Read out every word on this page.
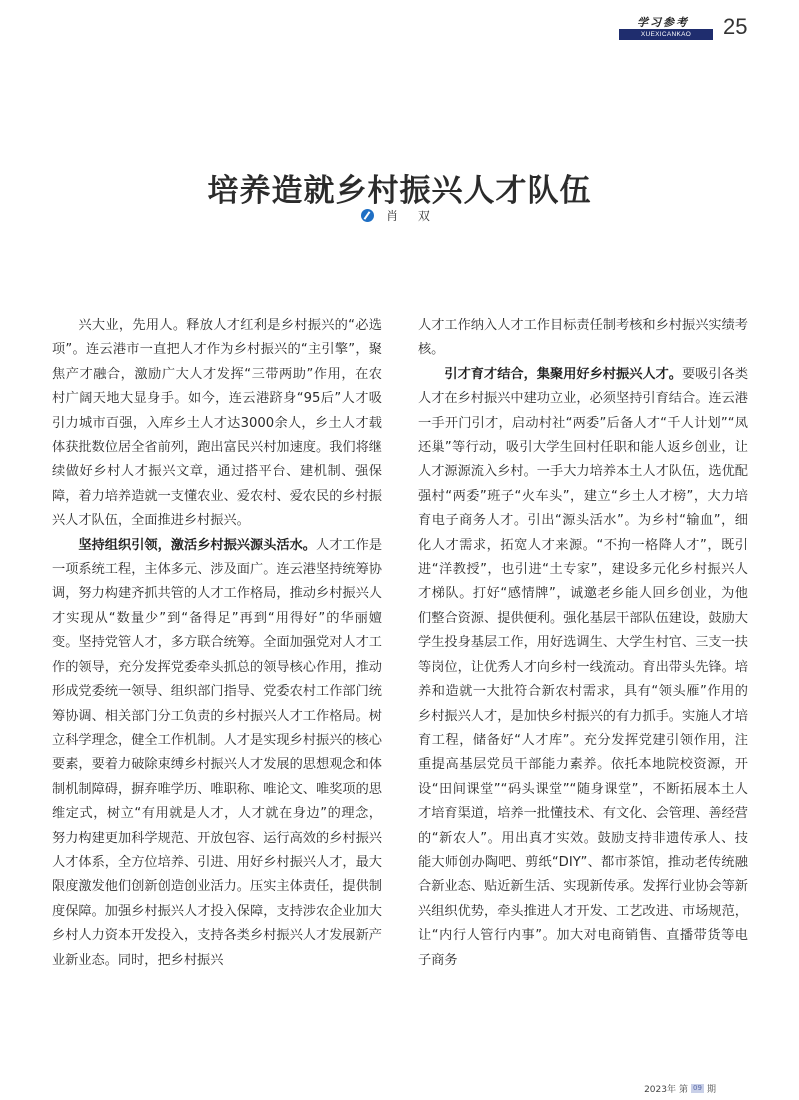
学习参考
XUEXICANKAO	25
培养造就乡村振兴人才队伍
肖 双

兴大业，先用人。释放人才红利是乡村振兴的“必选项”。连云港市一直把人才作为乡村振兴的“主引擎”，聚焦产才融合，激励广大人才发挥“三带两助”作用，在农村广阔天地大显身手。如今，连云港跻身“95后”人才吸引力城市百强，入库乡土人才达3000余人，乡土人才载体获批数位居全省前列，跑出富民兴村加速度。我们将继续做好乡村人才振兴文章，通过搭平台、建机制、强保障，着力培养造就一支懂农业、爱农村、爱农民的乡村振兴人才队伍，全面推进乡村振兴。

坚持组织引领，激活乡村振兴源头活水。人才工作是一项系统工程，主体多元、涉及面广。连云港坚持统筹协调，努力构建齐抓共管的人才工作格局，推动乡村振兴人才实现从“数量少”到“备得足”再到“用得好”的华丽嬗变。坚持党管人才，多方联合统筹。全面加强党对人才工作的领导，充分发挥党委牵头抓总的领导核心作用，推动形成党委统一领导、组织部门指导、党委农村工作部门统筹协调、相关部门分工负责的乡村振兴人才工作格局。树立科学理念，健全工作机制。人才是实现乡村振兴的核心要素，要着力破除束缚乡村振兴人才发展的思想观念和体制机制障碍，摒弃唯学历、唯职称、唯论文、唯奖项的思维定式，树立“有用就是人才，人才就在身边”的理念，努力构建更加科学规范、开放包容、运行高效的乡村振兴人才体系，全方位培养、引进、用好乡村振兴人才，最大限度激发他们创新创造创业活力。压实主体责任，提供制度保障。加强乡村振兴人才投入保障，支持涉农企业加大乡村人力资本开发投入，支持各类乡村振兴人才发展新产业新业态。同时，把乡村振兴

人才工作纳入人才工作目标责任制考核和乡村振兴实绩考核。

引才育才结合，集聚用好乡村振兴人才。要吸引各类人才在乡村振兴中建功立业，必须坚持引育结合。连云港一手开门引才，启动村社“两委”后备人才“千人计划”“凤还巢”等行动，吸引大学生回村任职和能人返乡创业，让人才源源流入乡村。一手大力培养本土人才队伍，选优配强村“两委”班子“火车头”，建立“乡土人才榜”，大力培育电子商务人才。引出“源头活水”。为乡村“输血”，细化人才需求，拓宽人才来源。“不拘一格降人才”，既引进“洋教授”，也引进“土专家”，建设多元化乡村振兴人才梯队。打好“感情牌”，诚邀老乡能人回乡创业，为他们整合资源、提供便利。强化基层干部队伍建设，鼓励大学生投身基层工作，用好选调生、大学生村官、三支一扶等岗位，让优秀人才向乡村一线流动。育出带头先锋。培养和造就一大批符合新农村需求，具有“领头雁”作用的乡村振兴人才，是加快乡村振兴的有力抓手。实施人才培育工程，储备好“人才库”。充分发挥党建引领作用，注重提高基层党员干部能力素养。依托本地院校资源，开设“田间课堂”“码头课堂”“随身课堂”，不断拓展本土人才培育渠道，培养一批懂技术、有文化、会管理、善经营的“新农人”。用出真才实效。鼓励支持非遗传承人、技能大师创办陶吧、剪纸“DIY”、都市茶馆，推动老传统融合新业态、贴近新生活、实现新传承。发挥行业协会等新兴组织优势，牵头推进人才开发、工艺改进、市场规范，让“内行人管行内事”。加大对电商销售、直播带货等电子商务

2023年 第 09 期
